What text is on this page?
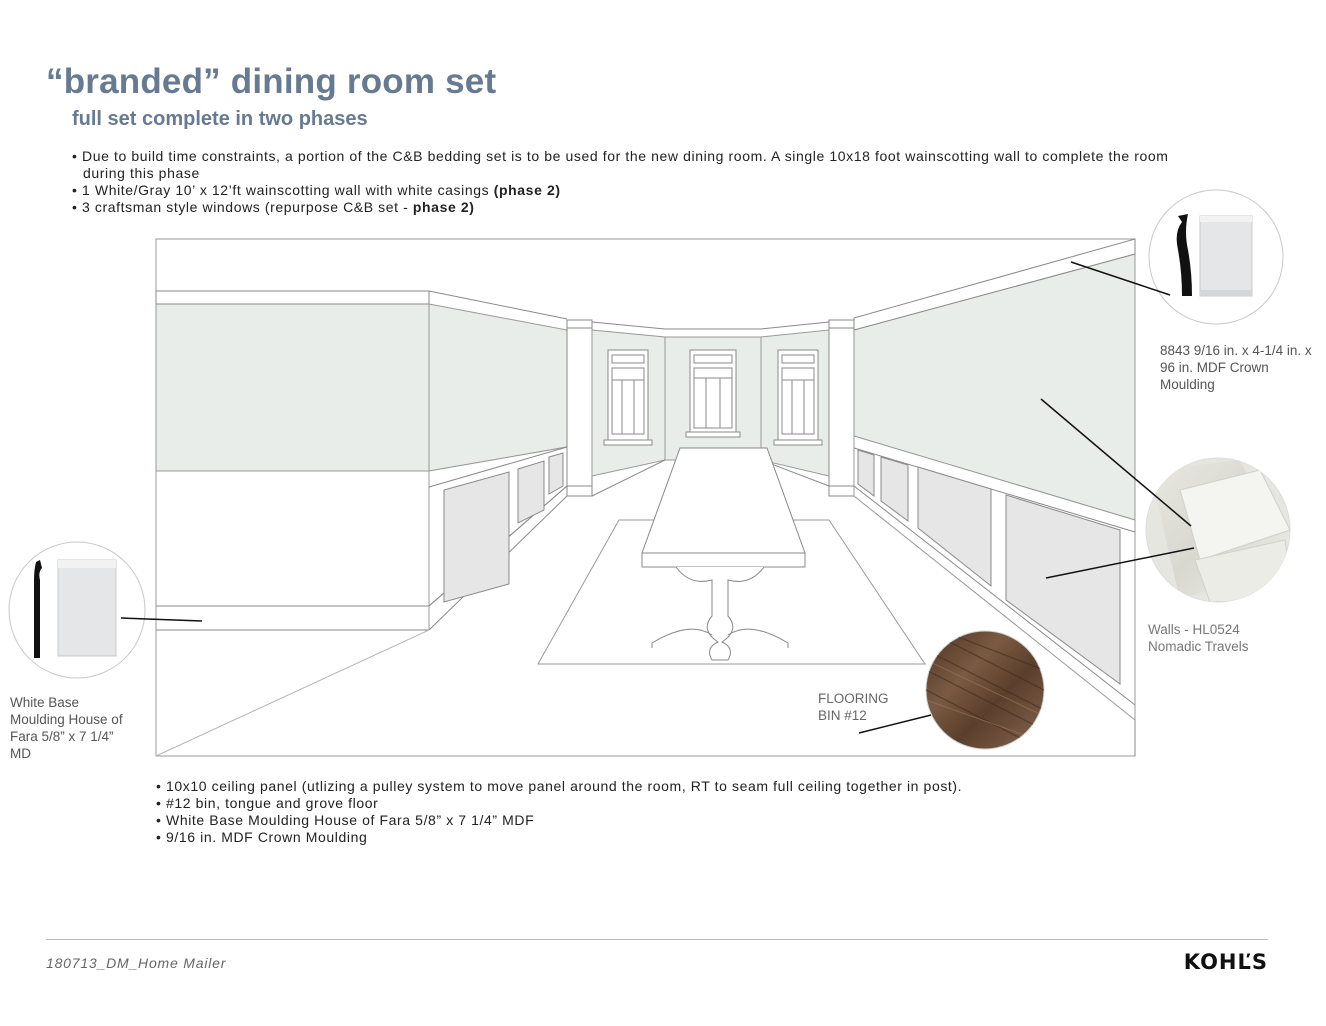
“branded” dining room set
full set complete in two phases
• Due to build time constraints, a portion of the C&B bedding set is to be used for the new dining room. A single 10x18 foot wainscotting wall to complete the room during this phase
• 1 White/Gray 10’ x 12’ft wainscotting wall with white casings (phase 2)
• 3 craftsman style windows (repurpose C&B set - phase 2)

8843 9/16 in. x 4-1/4 in. x 96 in. MDF Crown Moulding

Walls - HL0524
Nomadic Travels

FLOORING
BIN #12

White Base Moulding House of Fara 5/8” x 7 1/4” MD

• 10x10 ceiling panel (utlizing a pulley system to move panel around the room, RT to seam full ceiling together in post).
• #12 bin, tongue and grove floor
• White Base Moulding House of Fara 5/8” x 7 1/4” MDF
• 9/16 in. MDF Crown Moulding
180713_DM_Home Mailer	KOHĽS
